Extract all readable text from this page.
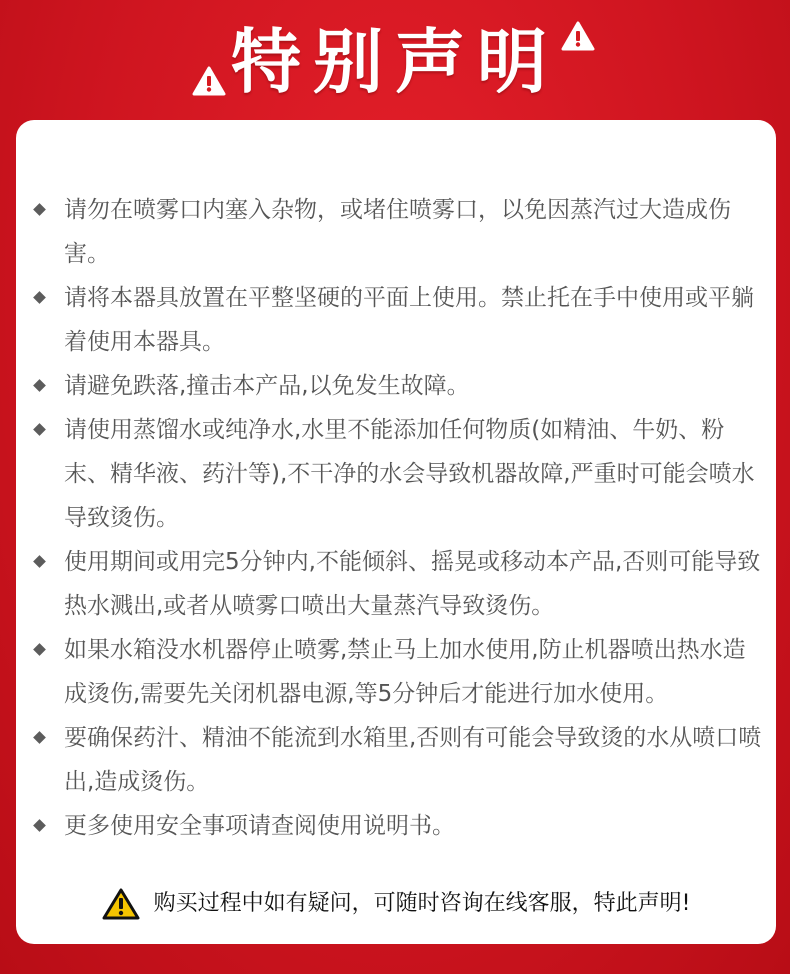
特别声明
请勿在喷雾口内塞入杂物，或堵住喷雾口，以免因蒸汽过大造成伤害。
请将本器具放置在平整坚硬的平面上使用。禁止托在手中使用或平躺着使用本器具。
请避免跌落,撞击本产品,以免发生故障。
请使用蒸馏水或纯净水,水里不能添加任何物质(如精油、牛奶、粉末、精华液、药汁等),不干净的水会导致机器故障,严重时可能会喷水导致烫伤。
使用期间或用完5分钟内,不能倾斜、摇晃或移动本产品,否则可能导致热水溅出,或者从喷雾口喷出大量蒸汽导致烫伤。
如果水箱没水机器停止喷雾,禁止马上加水使用,防止机器喷出热水造成烫伤,需要先关闭机器电源,等5分钟后才能进行加水使用。
要确保药汁、精油不能流到水箱里,否则有可能会导致烫的水从喷口喷出,造成烫伤。
更多使用安全事项请查阅使用说明书。
购买过程中如有疑问，可随时咨询在线客服，特此声明!
